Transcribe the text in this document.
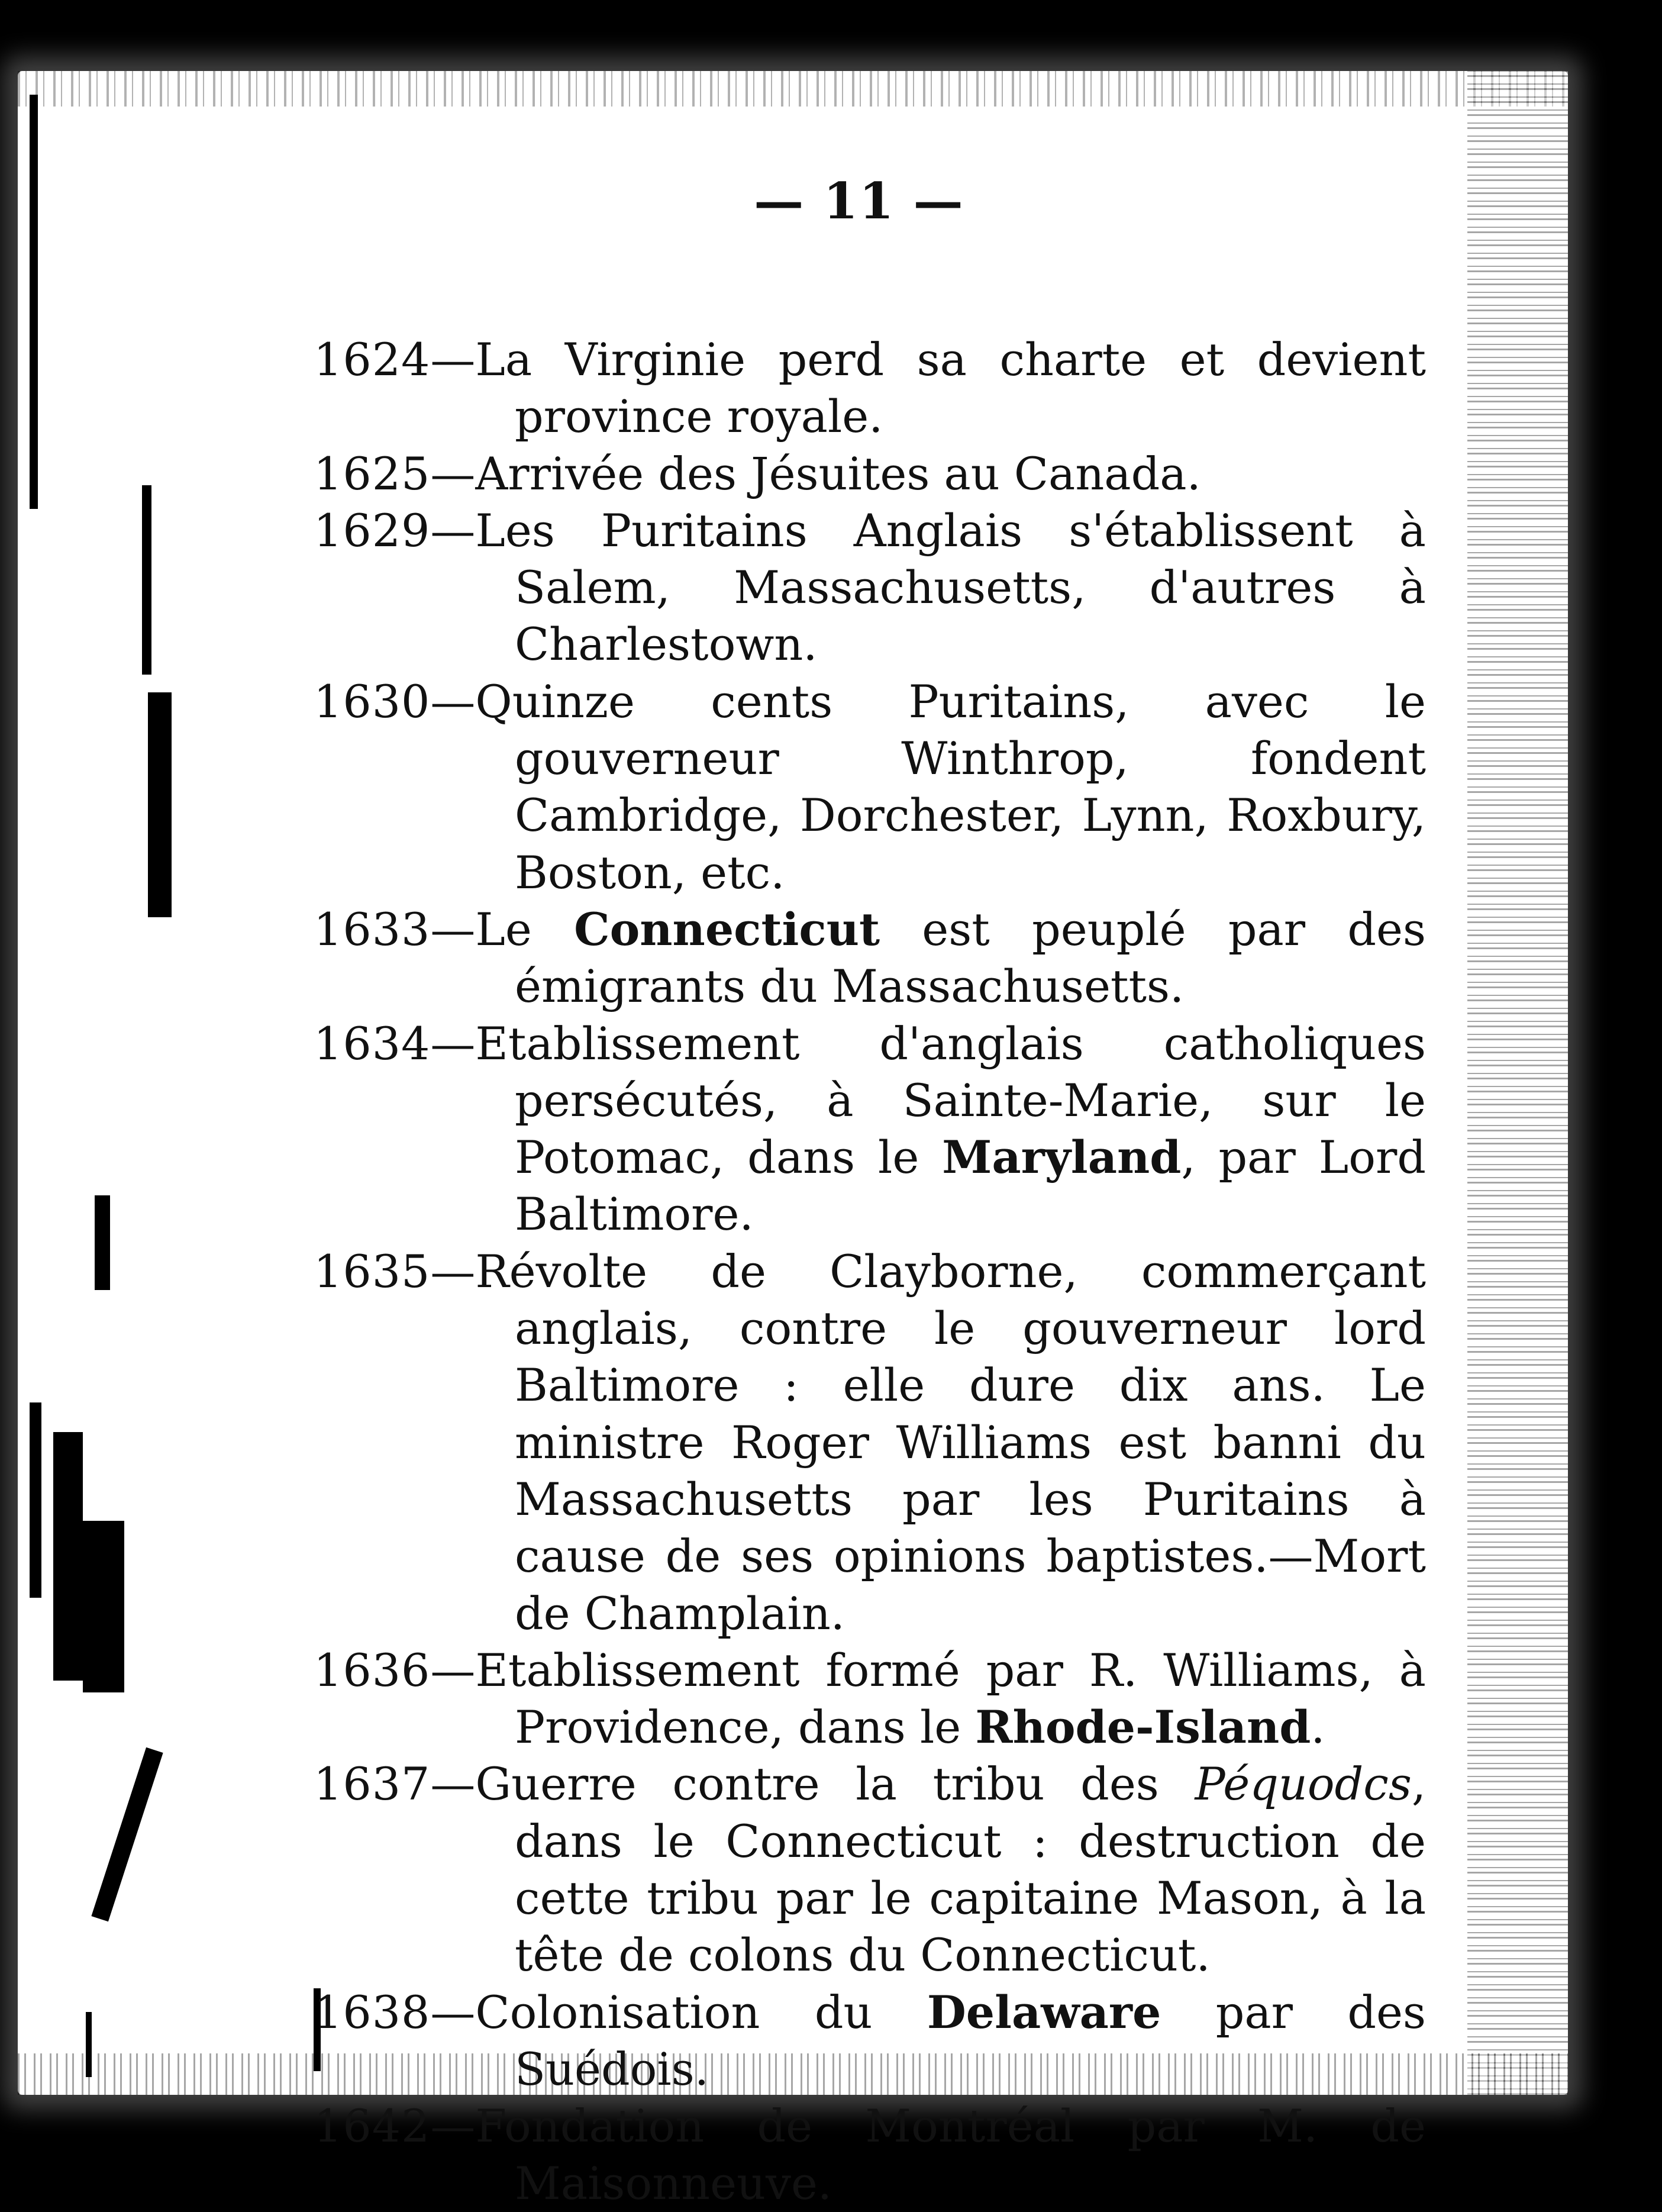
— 11 —

1624—La Virginie perd sa charte et devient province royale.

1625—Arrivée des Jésuites au Canada.

1629—Les Puritains Anglais s'établissent à Salem, Massachusetts, d'autres à Charlestown.

1630—Quinze cents Puritains, avec le gouverneur Winthrop, fondent Cambridge, Dorchester, Lynn, Roxbury, Boston, etc.

1633—Le Connecticut est peuplé par des émigrants du Massachusetts.

1634—Etablissement d'anglais catholiques persécutés, à Sainte-Marie, sur le Potomac, dans le Maryland, par Lord Baltimore.

1635—Révolte de Clayborne, commerçant anglais, contre le gouverneur lord Baltimore : elle dure dix ans. Le ministre Roger Williams est banni du Massachusetts par les Puritains à cause de ses opinions baptistes.—Mort de Champlain.

1636—Etablissement formé par R. Williams, à Providence, dans le Rhode-Island.

1637—Guerre contre la tribu des Péquodcs, dans le Connecticut : destruction de cette tribu par le capitaine Mason, à la tête de colons du Connecticut.

1638—Colonisation du Delaware par des Suédois.

1642—Fondation de Montréal par M. de Maisonneuve.
